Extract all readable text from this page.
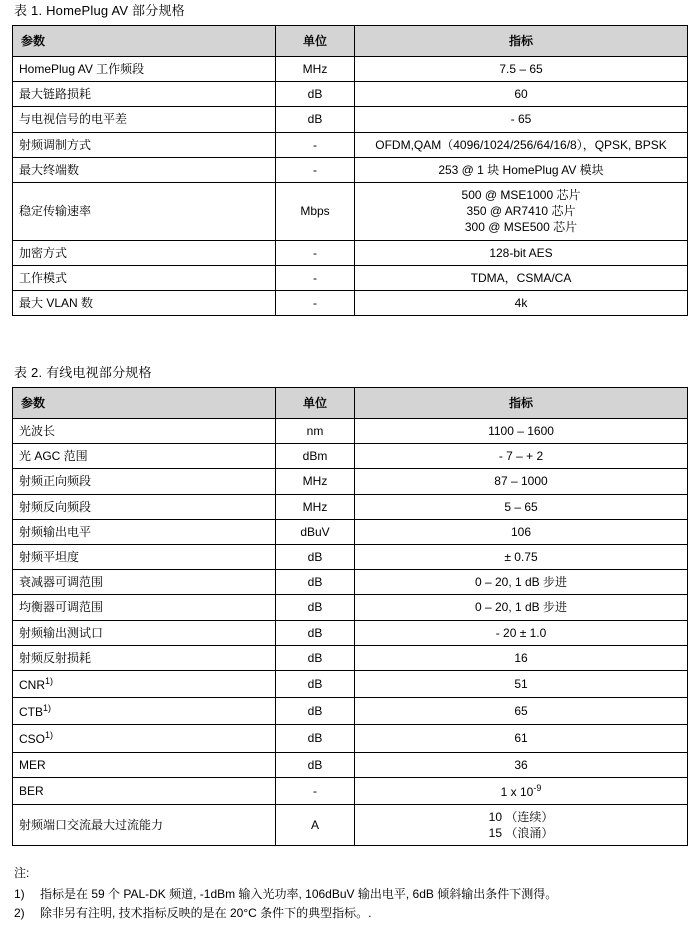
表 1. HomePlug AV 部分规格
参数	单位	指标
HomePlug AV 工作频段	MHz	7.5 – 65
最大链路损耗	dB	60
与电视信号的电平差	dB	- 65
射频调制方式	-	OFDM,QAM（4096/1024/256/64/16/8），QPSK, BPSK
最大终端数	-	253 @ 1 块 HomePlug AV 模块
稳定传输速率	Mbps	500 @ MSE1000 芯片
350 @ AR7410 芯片
300 @ MSE500 芯片

加密方式	-	128-bit AES
工作模式	-	TDMA，CSMA/CA
最大 VLAN 数	-	4k
表 2. 有线电视部分规格
参数	单位	指标
光波长	nm	1100 – 1600
光 AGC 范围	dBm	- 7 – + 2
射频正向频段	MHz	87 – 1000
射频反向频段	MHz	5 – 65
射频输出电平	dBuV	106
射频平坦度	dB	± 0.75
衰减器可调范围	dB	0 – 20, 1 dB 步进
均衡器可调范围	dB	0 – 20, 1 dB 步进
射频输出测试口	dB	- 20 ± 1.0
射频反射损耗	dB	16
CNR$^{1)}$	dB	51
CTB$^{1)}$	dB	65
CSO$^{1)}$	dB	61
MER	dB	36
BER	-	1 x $10^{-9}$
射频端口交流最大过流能力	A	10 （连续）
15 （浪涌）
注:
1)	指标是在 59 个 PAL-DK 频道, -1dBm 输入光功率, 106dBuV 输出电平, 6dB 倾斜输出条件下测得。
2)	除非另有注明, 技术指标反映的是在 20°C 条件下的典型指标。.
